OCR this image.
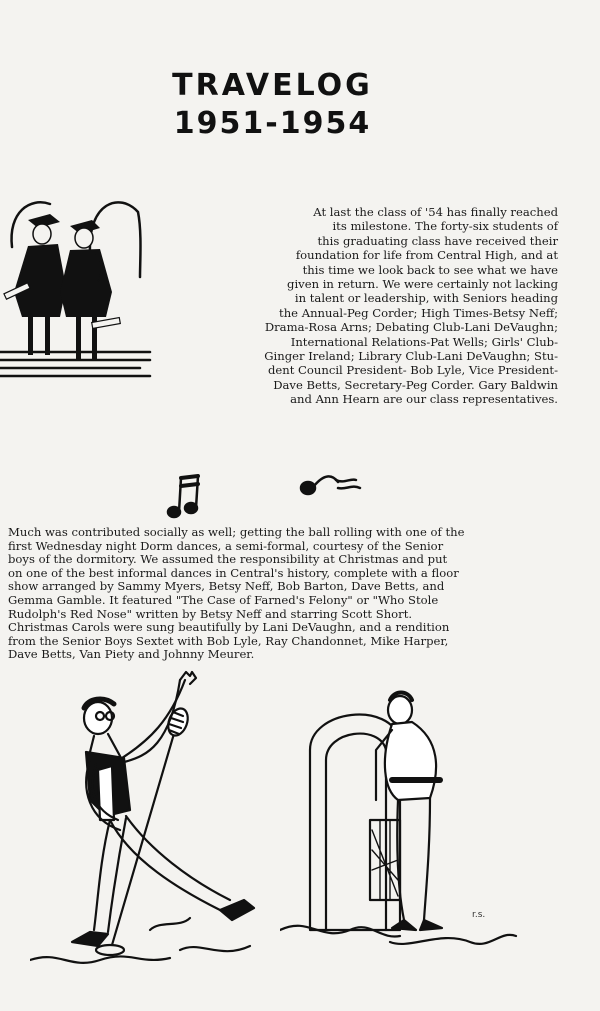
TRAVELOG
1951-1954
At last the class of '54 has finally reached
its milestone. The forty-six students of
this graduating class have received their
foundation for life from Central High, and at
this time we look back to see what we have
given in return. We were certainly not lacking
in talent or leadership, with Seniors heading
the Annual-Peg Corder; High Times-Betsy Neff;
Drama-Rosa Arns; Debating Club-Lani DeVaughn;
International Relations-Pat Wells; Girls' Club-
Ginger Ireland; Library Club-Lani DeVaughn; Stu-
dent Council President- Bob Lyle, Vice President-
Dave Betts, Secretary-Peg Corder. Gary Baldwin
and Ann Hearn are our class representatives.
Much was contributed socially as well; getting the ball rolling with one of the
first Wednesday night Dorm dances, a semi-formal, courtesy of the Senior
boys of the dormitory. We assumed the responsibility at Christmas and put
on one of the best informal dances in Central's history, complete with a floor
show arranged by Sammy Myers, Betsy Neff, Bob Barton, Dave Betts, and
Gemma Gamble. It featured "The Case of Farned's Felony" or "Who Stole
Rudolph's Red Nose" written by Betsy Neff and starring Scott Short.
Christmas Carols were sung beautifully by Lani DeVaughn, and a rendition
from the Senior Boys Sextet with Bob Lyle, Ray Chandonnet, Mike Harper,
Dave Betts, Van Piety and Johnny Meurer.
r.s.
